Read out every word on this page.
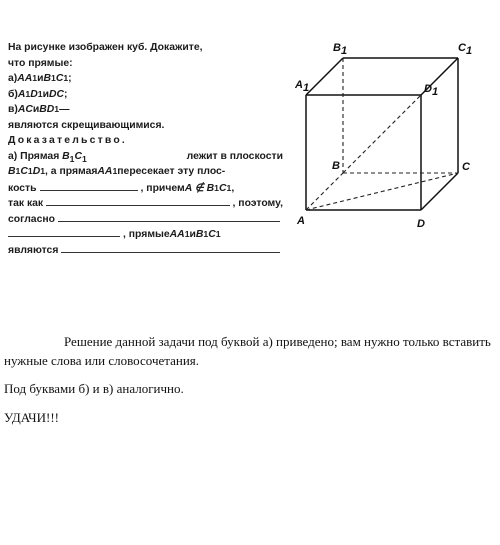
На рисунке изображен куб. Докажите,
что прямые:
а) AA 1 и B 1 C 1 ;
б) A 1 D 1 и DC ;
в) AC и BD 1 —
являются скрещивающимися.
Доказательство.
а) Прямая $B_1C_1$	лежит в плоскости
B 1 C 1 D 1 , а прямая AA 1 пересекает эту плос-
кость	, причем A ∉ B 1 C 1 ,
так как	, поэтому,
согласно
, прямые AA 1 и B 1 C 1
являются
B1	C1
A1	D1
B	C
A	D

Решение данной задачи под буквой а) приведено; вам нужно только вставить нужные слова или словосочетания.

Под буквами б) и в) аналогично.

УДАЧИ!!!
